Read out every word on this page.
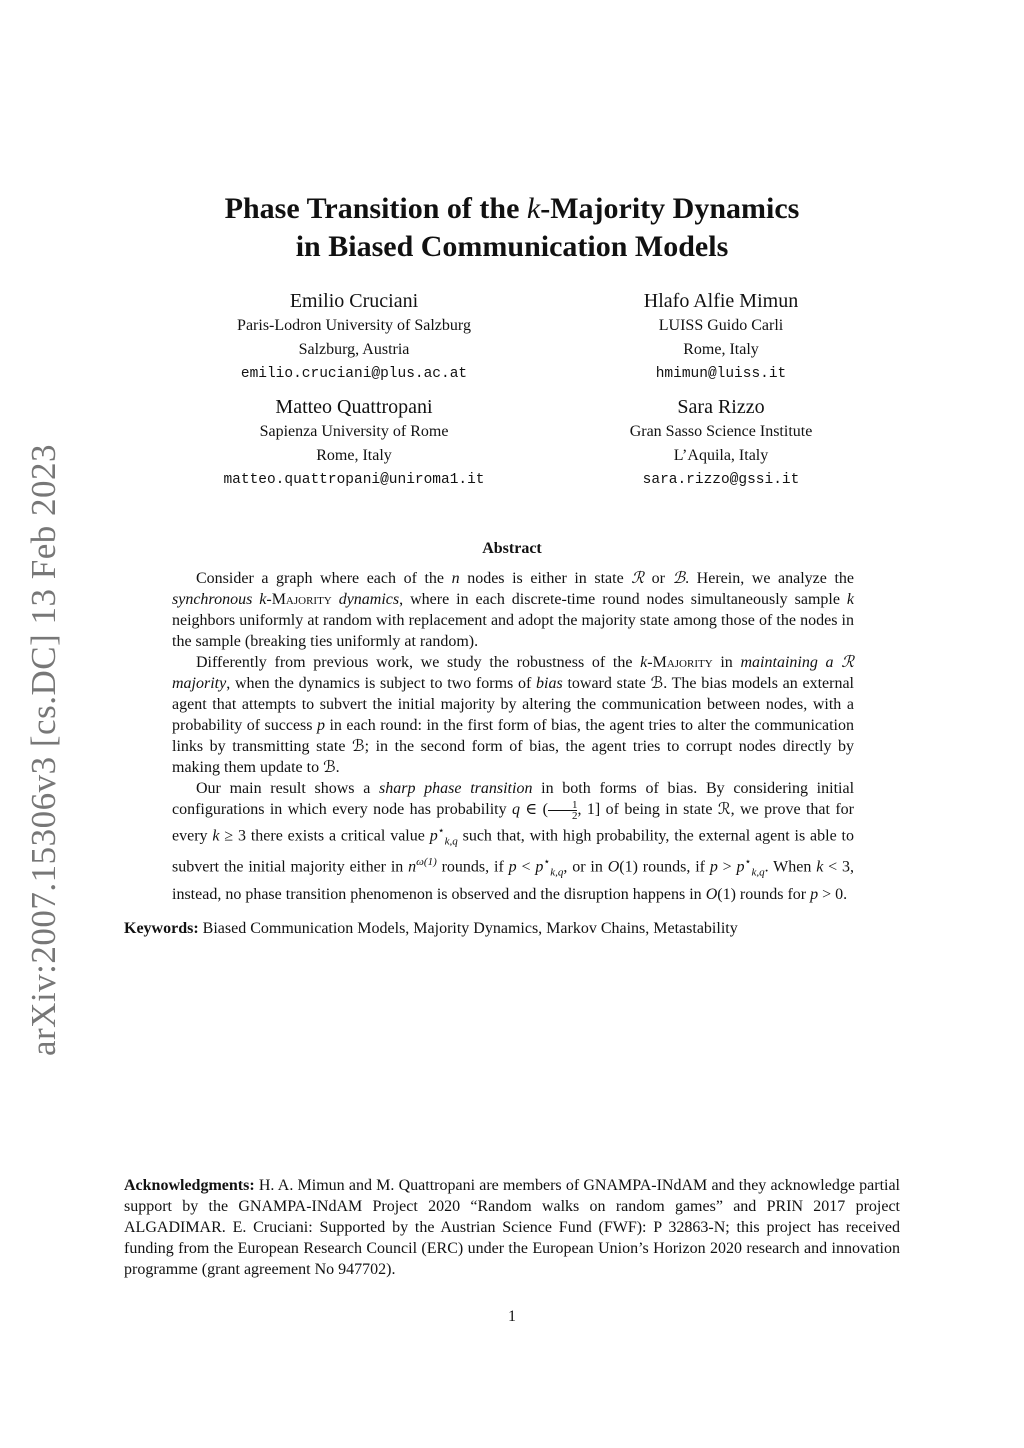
arXiv:2007.15306v3 [cs.DC] 13 Feb 2023
Phase Transition of the k-Majority Dynamics
in Biased Communication Models
Emilio Cruciani
Paris-Lodron University of Salzburg
Salzburg, Austria
emilio.cruciani@plus.ac.at
Hlafo Alfie Mimun
LUISS Guido Carli
Rome, Italy
hmimun@luiss.it
Matteo Quattropani
Sapienza University of Rome
Rome, Italy
matteo.quattropani@uniroma1.it
Sara Rizzo
Gran Sasso Science Institute
L’Aquila, Italy
sara.rizzo@gssi.it
Abstract

Consider a graph where each of the n nodes is either in state ℛ or ℬ. Herein, we analyze the synchronous k-Majority dynamics, where in each discrete-time round nodes simultaneously sample k neighbors uniformly at random with replacement and adopt the majority state among those of the nodes in the sample (breaking ties uniformly at random).

Differently from previous work, we study the robustness of the k-Majority in maintaining a ℛ majority, when the dynamics is subject to two forms of bias toward state ℬ. The bias models an external agent that attempts to subvert the initial majority by altering the communication between nodes, with a probability of success p in each round: in the first form of bias, the agent tries to alter the communication links by transmitting state ℬ; in the second form of bias, the agent tries to corrupt nodes directly by making them update to ℬ.

Our main result shows a sharp phase transition in both forms of bias. By considering initial configurations in which every node has probability q ∈ ( $\frac{1}{2}$ , 1] of being in state ℛ, we prove that for every k ≥ 3 there exists a critical value $p^⋆_{k,q}$ such that, with high probability, the external agent is able to subvert the initial majority either in $n^{\omega(1)}$ rounds, if $p < p^⋆_{k,q}$, or in O(1) rounds, if $p > p^⋆_{k,q}$. When k < 3, instead, no phase transition phenomenon is observed and the disruption happens in O(1) rounds for p > 0.

Keywords: Biased Communication Models, Majority Dynamics, Markov Chains, Metastability
Acknowledgments: H. A. Mimun and M. Quattropani are members of GNAMPA-INdAM and they acknowledge partial support by the GNAMPA-INdAM Project 2020 “Random walks on random games” and PRIN 2017 project ALGADIMAR. E. Cruciani: Supported by the Austrian Science Fund (FWF): P 32863-N; this project has received funding from the European Research Council (ERC) under the European Union’s Horizon 2020 research and innovation programme (grant agreement No 947702).
1
